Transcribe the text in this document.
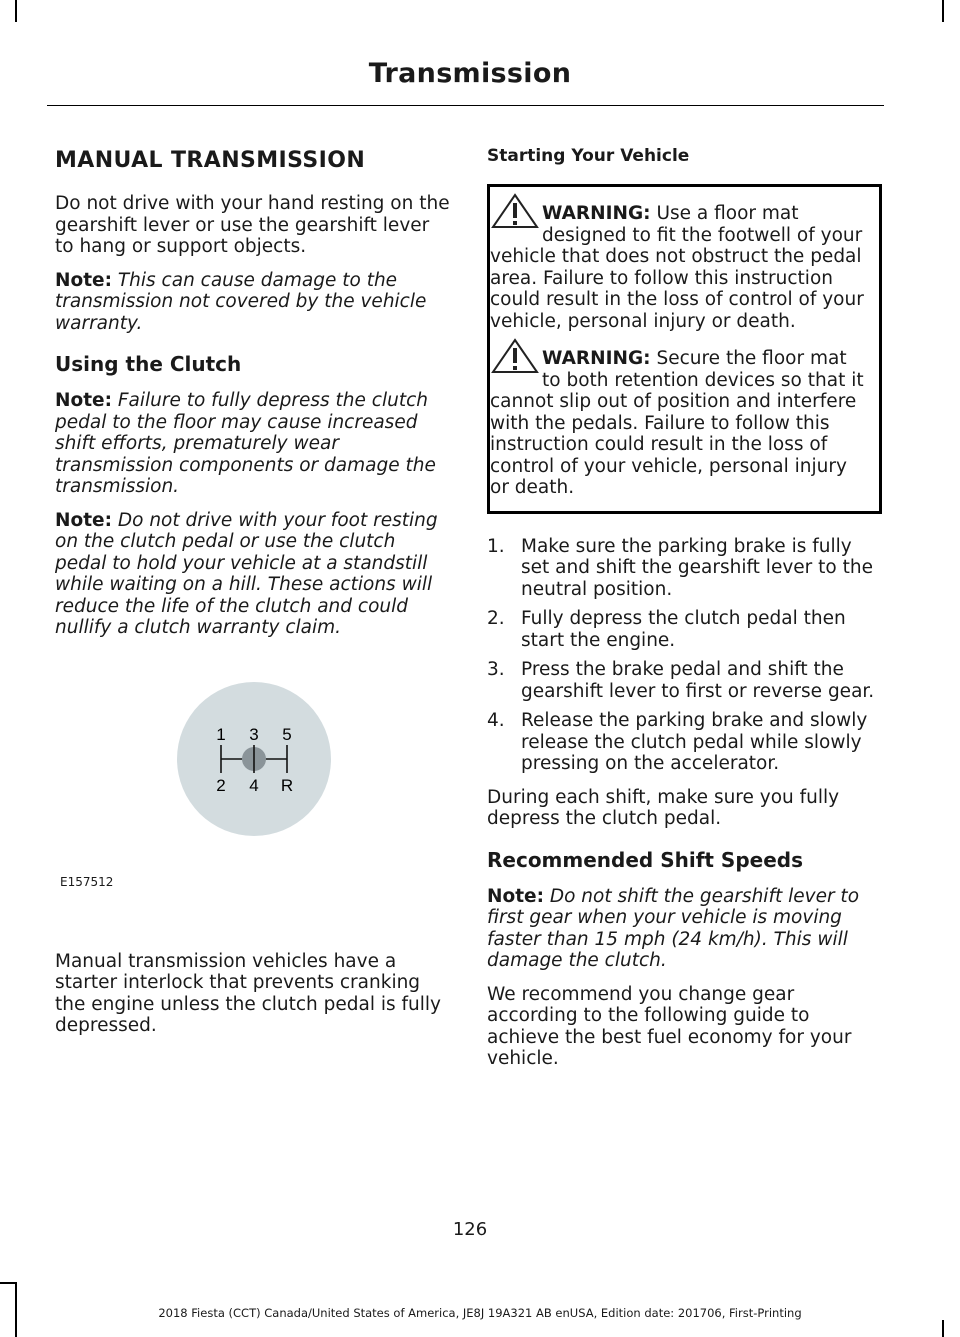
Transmission
MANUAL TRANSMISSION

Do not drive with your hand resting on the gearshift lever or use the gearshift lever to hang or support objects.

Note: This can cause damage to the transmission not covered by the vehicle warranty.

Using the Clutch

Note: Failure to fully depress the clutch pedal to the floor may cause increased shift efforts, prematurely wear transmission components or damage the transmission.

Note: Do not drive with your foot resting on the clutch pedal or use the clutch pedal to hold your vehicle at a standstill while waiting on a hill. These actions will reduce the life of the clutch and could nullify a clutch warranty claim.

1 3 5
2 4 R
E157512

Manual transmission vehicles have a starter interlock that prevents cranking the engine unless the clutch pedal is fully depressed.

Starting Your Vehicle
WARNING: Use a floor mat designed to fit the footwell of your vehicle that does not obstruct the pedal area. Failure to follow this instruction could result in the loss of control of your vehicle, personal injury or death.
WARNING: Secure the floor mat to both retention devices so that it cannot slip out of position and interfere with the pedals. Failure to follow this instruction could result in the loss of control of your vehicle, personal injury or death.
1. Make sure the parking brake is fully set and shift the gearshift lever to the neutral position.
2. Fully depress the clutch pedal then start the engine.
3. Press the brake pedal and shift the gearshift lever to first or reverse gear.
4. Release the parking brake and slowly release the clutch pedal while slowly pressing on the accelerator.

During each shift, make sure you fully depress the clutch pedal.

Recommended Shift Speeds

Note: Do not shift the gearshift lever to first gear when your vehicle is moving faster than 15 mph (24 km/h). This will damage the clutch.

We recommend you change gear according to the following guide to achieve the best fuel economy for your vehicle.

126
2018 Fiesta (CCT) Canada/United States of America, JE8J 19A321 AB enUSA, Edition date: 201706, First-Printing
